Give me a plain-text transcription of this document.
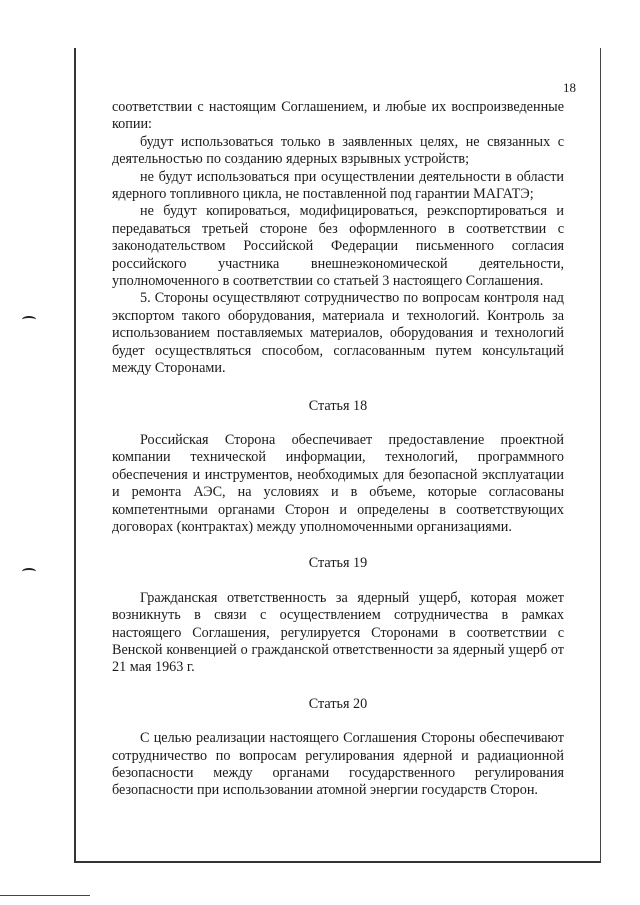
18

соответствии с настоящим Соглашением, и любые их воспроизведенные копии:

будут использоваться только в заявленных целях, не связанных с деятельностью по созданию ядерных взрывных устройств;

не будут использоваться при осуществлении деятельности в области ядерного топливного цикла, не поставленной под гарантии МАГАТЭ;

не будут копироваться, модифицироваться, реэкспортироваться и передаваться третьей стороне без оформленного в соответствии с законодательством Российской Федерации письменного согласия российского участника внешнеэкономической деятельности, уполномоченного в соответствии со статьей 3 настоящего Соглашения.

5. Стороны осуществляют сотрудничество по вопросам контроля над экспортом такого оборудования, материала и технологий. Контроль за использованием поставляемых материалов, оборудования и технологий будет осуществляться способом, согласованным путем консультаций между Сторонами.

Статья 18

Российская Сторона обеспечивает предоставление проектной компании технической информации, технологий, программного обеспечения и инструментов, необходимых для безопасной эксплуатации и ремонта АЭС, на условиях и в объеме, которые согласованы компетентными органами Сторон и определены в соответствующих договорах (контрактах) между уполномоченными организациями.

Статья 19

Гражданская ответственность за ядерный ущерб, которая может возникнуть в связи с осуществлением сотрудничества в рамках настоящего Соглашения, регулируется Сторонами в соответствии с Венской конвенцией о гражданской ответственности за ядерный ущерб от 21 мая 1963 г.

Статья 20

С целью реализации настоящего Соглашения Стороны обеспечивают сотрудничество по вопросам регулирования ядерной и радиационной безопасности между органами государственного регулирования безопасности при использовании атомной энергии государств Сторон.
